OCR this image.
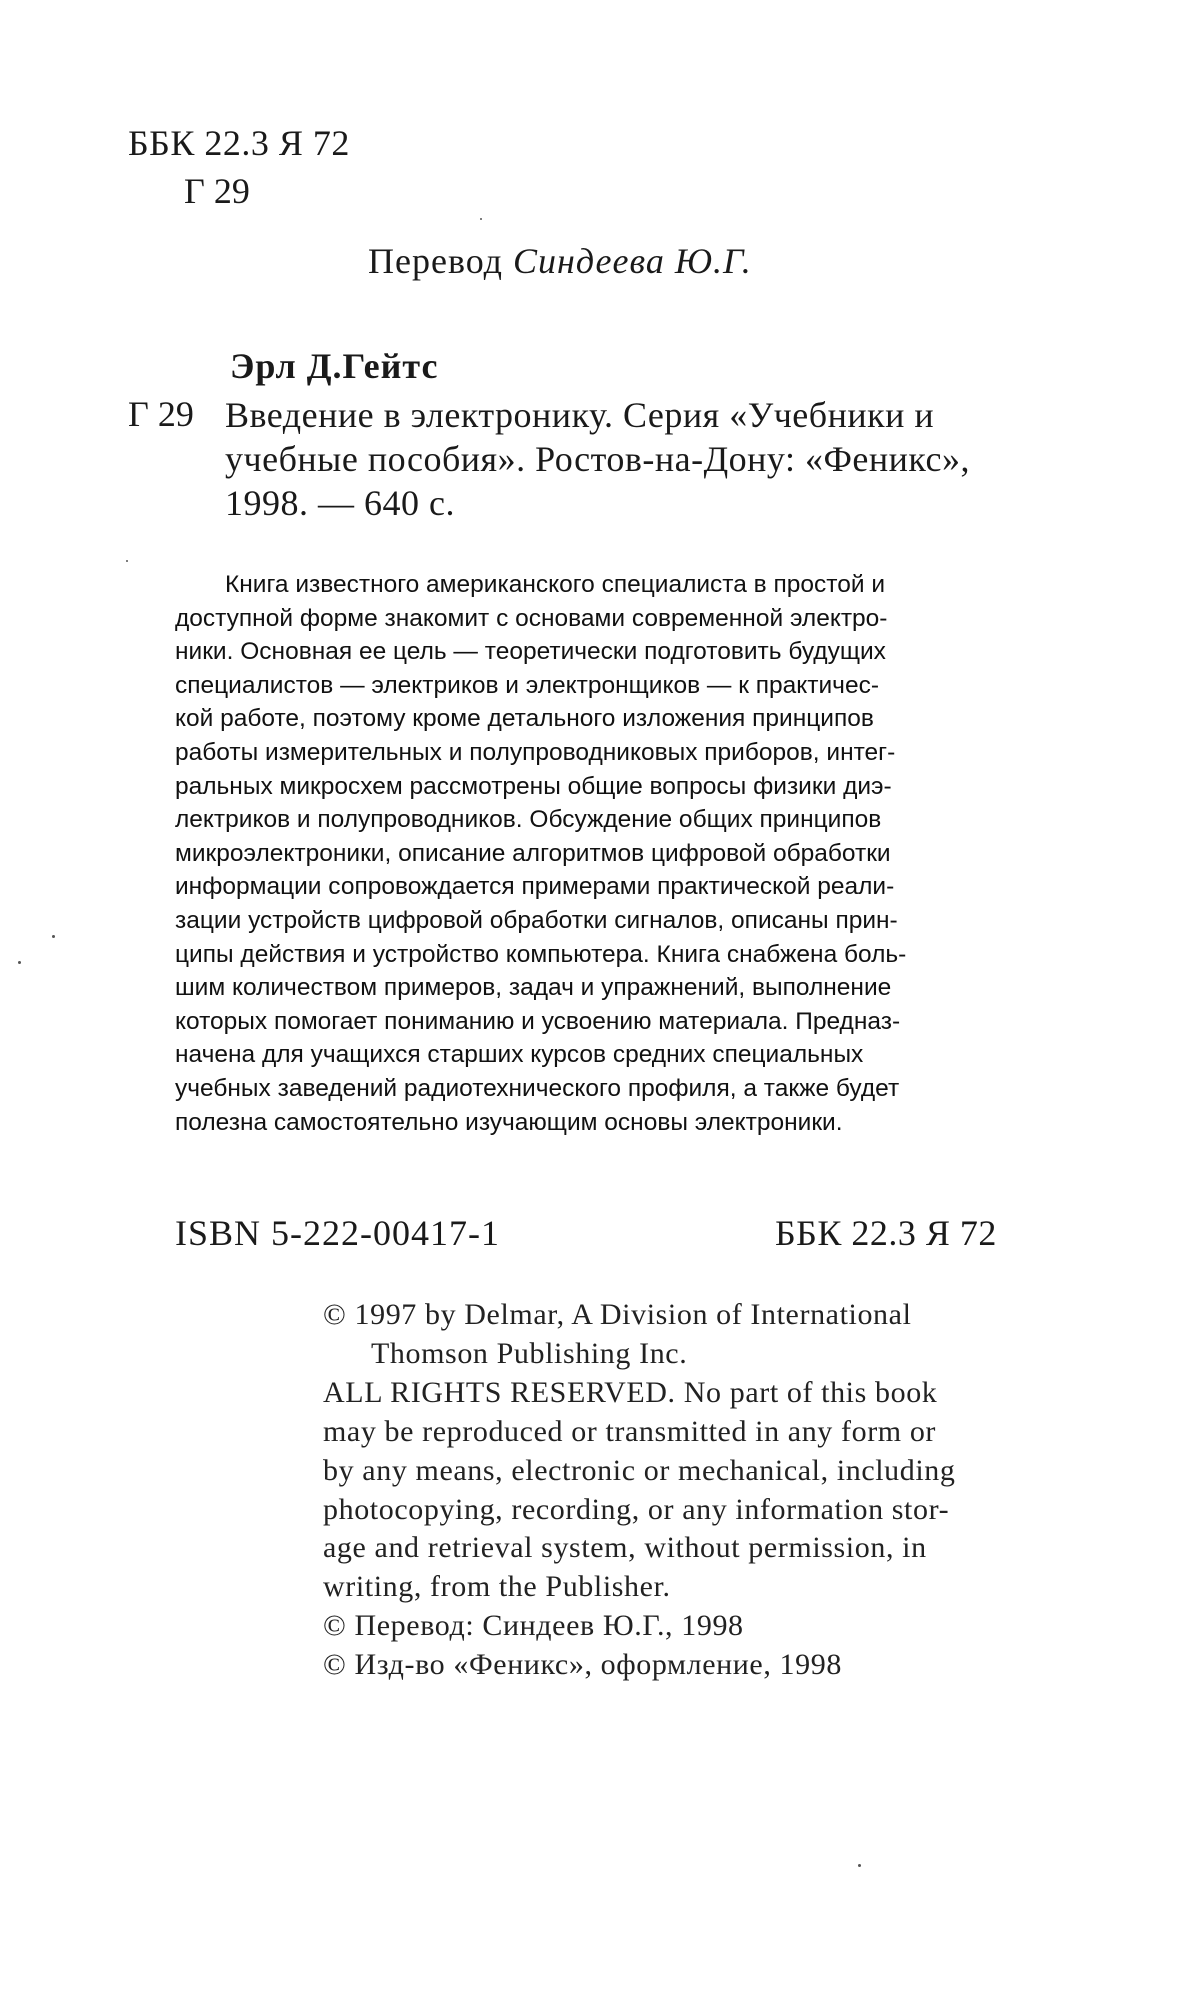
ББК 22.3 Я 72
Г 29
Перевод Синдеева Ю.Г.
Эрл Д.Гейтс
Г 29 Введение в электронику. Серия «Учебники и
учебные пособия». Ростов-на-Дону: «Феникс»,
1998. — 640 с.
Книга известного американского специалиста в простой и
доступной форме знакомит с основами современной электро-
ники. Основная ее цель — теоретически подготовить будущих
специалистов — электриков и электронщиков — к практичес-
кой работе, поэтому кроме детального изложения принципов
работы измерительных и полупроводниковых приборов, интег-
ральных микросхем рассмотрены общие вопросы физики диэ-
лектриков и полупроводников. Обсуждение общих принципов
микроэлектроники, описание алгоритмов цифровой обработки
информации сопровождается примерами практической реали-
зации устройств цифровой обработки сигналов, описаны прин-
ципы действия и устройство компьютера. Книга снабжена боль-
шим количеством примеров, задач и упражнений, выполнение
которых помогает пониманию и усвоению материала. Предназ-
начена для учащихся старших курсов средних специальных
учебных заведений радиотехнического профиля, а также будет
полезна самостоятельно изучающим основы электроники.
ISBN 5-222-00417-1	ББК 22.3 Я 72
© 1997 by Delmar, A Division of International
Thomson Publishing Inc.
ALL RIGHTS RESERVED. No part of this book
may be reproduced or transmitted in any form or
by any means, electronic or mechanical, including
photocopying, recording, or any information stor-
age and retrieval system, without permission, in
writing, from the Publisher.
© Перевод: Синдеев Ю.Г., 1998
© Изд-во «Феникс», оформление, 1998
